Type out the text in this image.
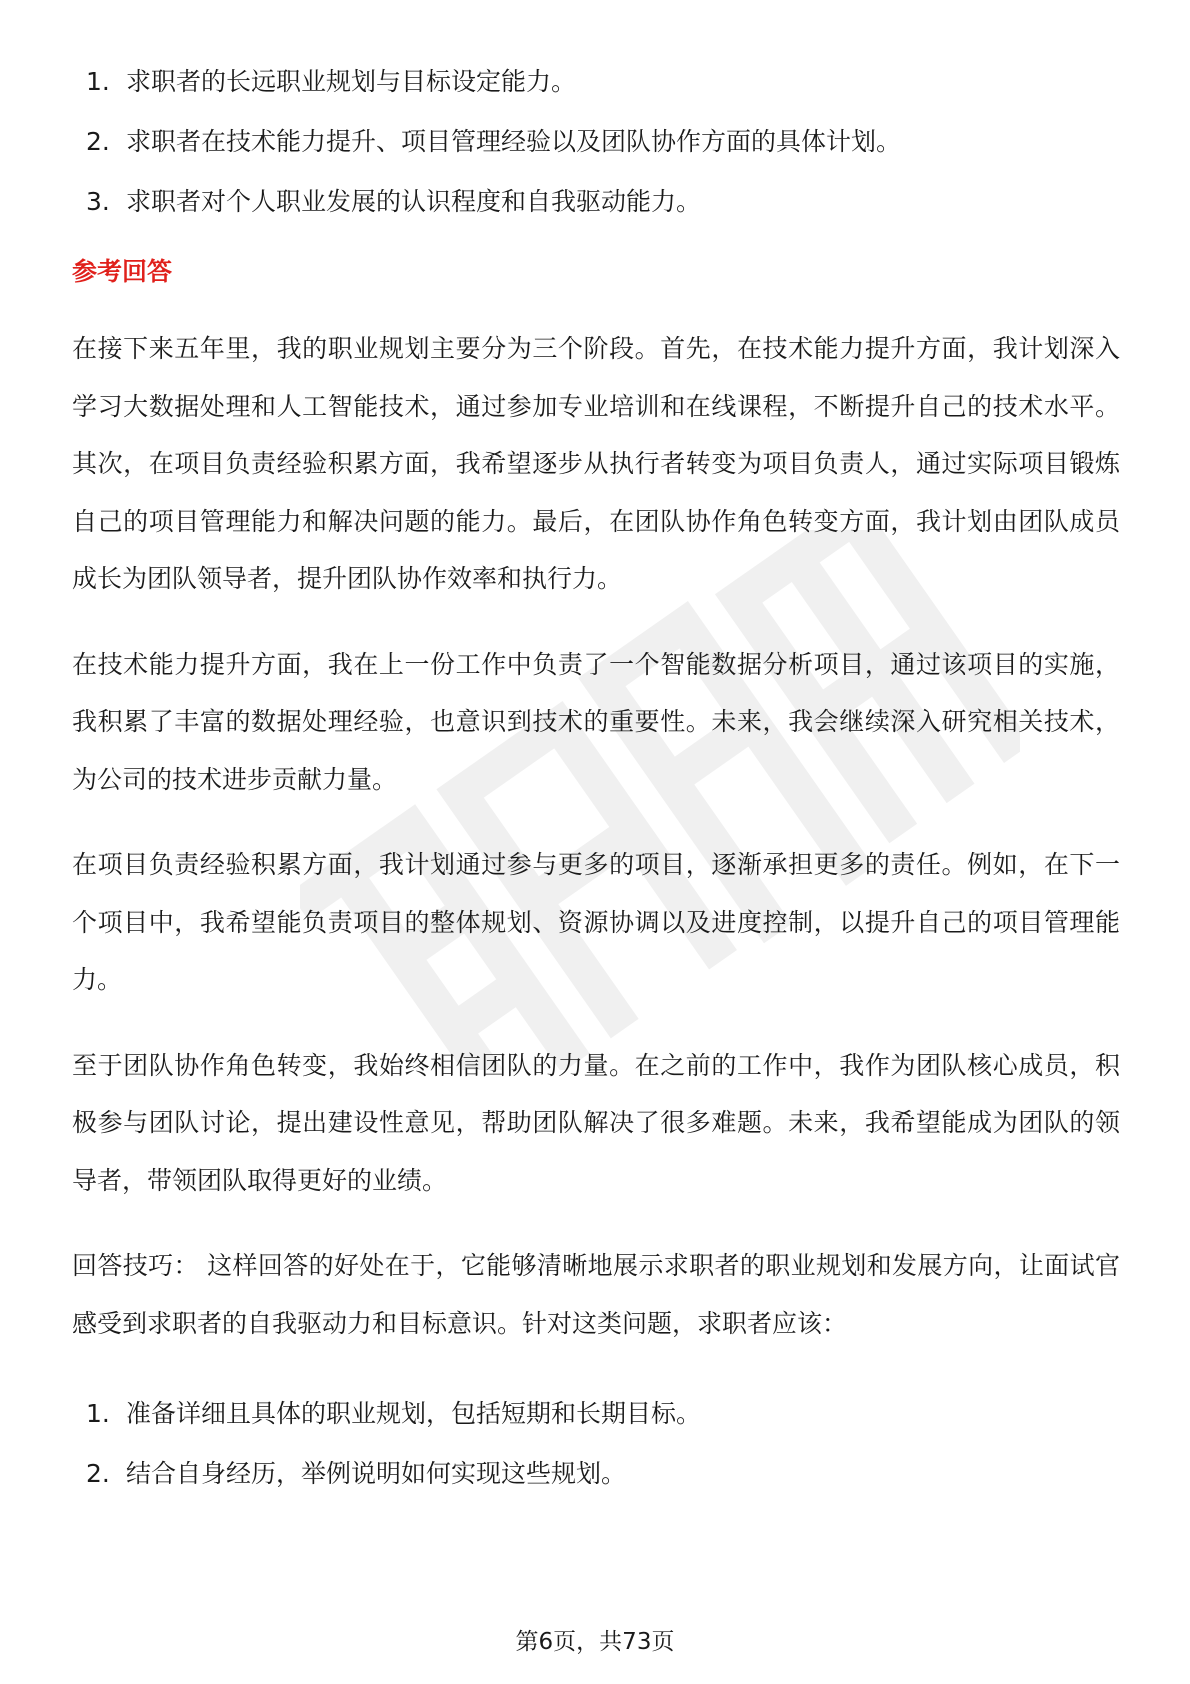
1. 求职者的长远职业规划与目标设定能力。
2. 求职者在技术能力提升、项目管理经验以及团队协作方面的具体计划。
3. 求职者对个人职业发展的认识程度和自我驱动能力。
参考回答

在接下来五年里，我的职业规划主要分为三个阶段。首先，在技术能力提升方面，我计划深入学习大数据处理和人工智能技术，通过参加专业培训和在线课程，不断提升自己的技术水平。其次，在项目负责经验积累方面，我希望逐步从执行者转变为项目负责人，通过实际项目锻炼自己的项目管理能力和解决问题的能力。最后，在团队协作角色转变方面，我计划由团队成员成长为团队领导者，提升团队协作效率和执行力。

在技术能力提升方面，我在上一份工作中负责了一个智能数据分析项目，通过该项目的实施，我积累了丰富的数据处理经验，也意识到技术的重要性。未来，我会继续深入研究相关技术，为公司的技术进步贡献力量。

在项目负责经验积累方面，我计划通过参与更多的项目，逐渐承担更多的责任。例如，在下一个项目中，我希望能负责项目的整体规划、资源协调以及进度控制，以提升自己的项目管理能力。

至于团队协作角色转变，我始终相信团队的力量。在之前的工作中，我作为团队核心成员，积极参与团队讨论，提出建设性意见，帮助团队解决了很多难题。未来，我希望能成为团队的领导者，带领团队取得更好的业绩。

回答技巧： 这样回答的好处在于，它能够清晰地展示求职者的职业规划和发展方向，让面试官感受到求职者的自我驱动力和目标意识。针对这类问题，求职者应该：

1. 准备详细且具体的职业规划，包括短期和长期目标。
2. 结合自身经历，举例说明如何实现这些规划。
第6页，共73页
